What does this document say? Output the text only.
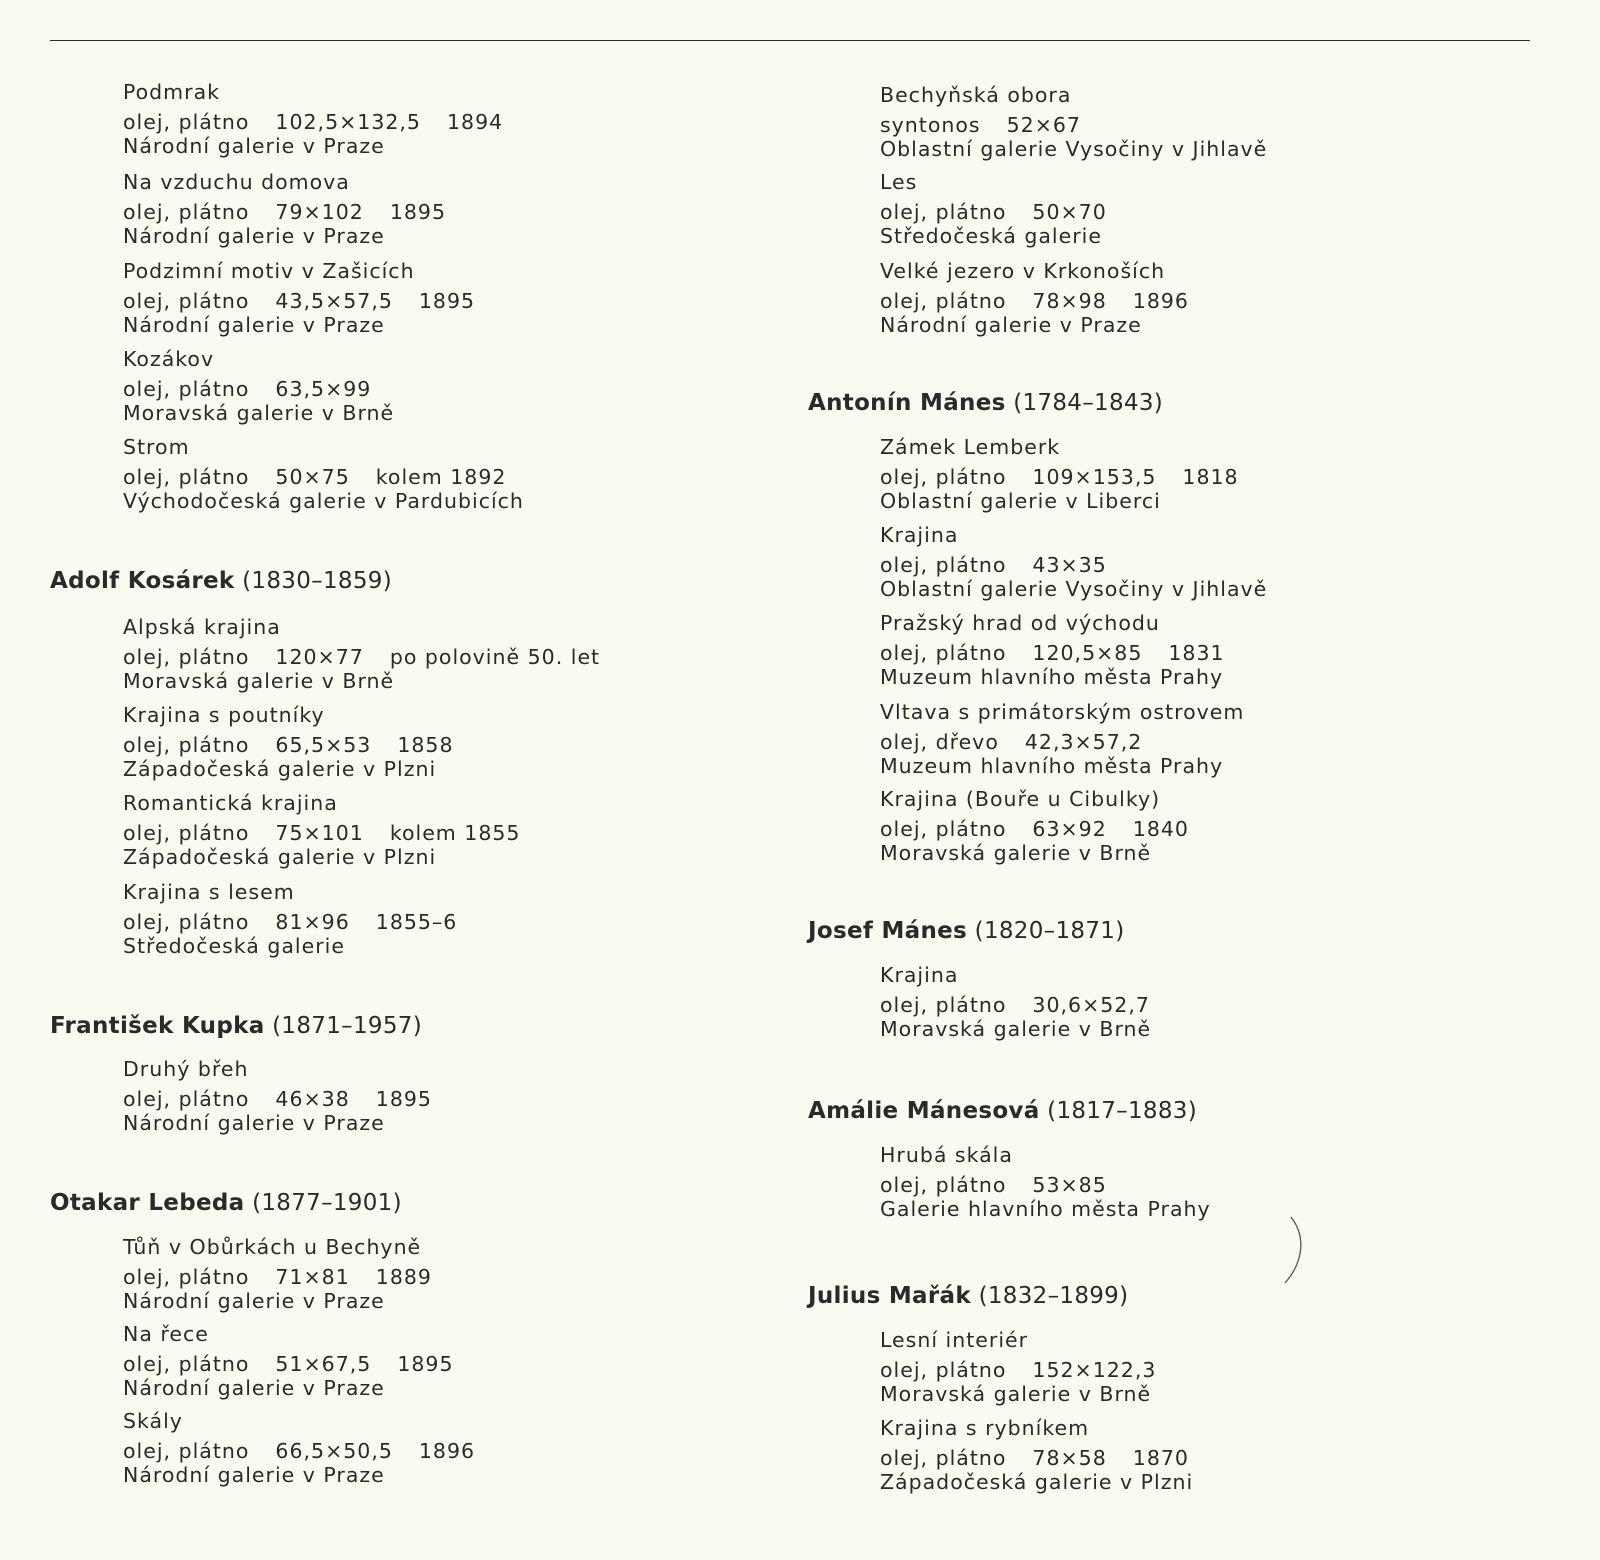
Podmrak
olej, plátno 102,5×132,5 1894
Národní galerie v Praze
Na vzduchu domova
olej, plátno 79×102 1895
Národní galerie v Praze
Podzimní motiv v Zašicích
olej, plátno 43,5×57,5 1895
Národní galerie v Praze
Kozákov
olej, plátno 63,5×99
Moravská galerie v Brně
Strom
olej, plátno 50×75 kolem 1892
Východočeská galerie v Pardubicích
Adolf Kosárek (1830–1859)
Alpská krajina
olej, plátno 120×77 po polovině 50. let
Moravská galerie v Brně
Krajina s poutníky
olej, plátno 65,5×53 1858
Západočeská galerie v Plzni
Romantická krajina
olej, plátno 75×101 kolem 1855
Západočeská galerie v Plzni
Krajina s lesem
olej, plátno 81×96 1855–6
Středočeská galerie
František Kupka (1871–1957)
Druhý břeh
olej, plátno 46×38 1895
Národní galerie v Praze
Otakar Lebeda (1877–1901)
Tůň v Obůrkách u Bechyně
olej, plátno 71×81 1889
Národní galerie v Praze
Na řece
olej, plátno 51×67,5 1895
Národní galerie v Praze
Skály
olej, plátno 66,5×50,5 1896
Národní galerie v Praze
Bechyňská obora
syntonos 52×67
Oblastní galerie Vysočiny v Jihlavě
Les
olej, plátno 50×70
Středočeská galerie
Velké jezero v Krkonoších
olej, plátno 78×98 1896
Národní galerie v Praze
Antonín Mánes (1784–1843)
Zámek Lemberk
olej, plátno 109×153,5 1818
Oblastní galerie v Liberci
Krajina
olej, plátno 43×35
Oblastní galerie Vysočiny v Jihlavě
Pražský hrad od východu
olej, plátno 120,5×85 1831
Muzeum hlavního města Prahy
Vltava s primátorským ostrovem
olej, dřevo 42,3×57,2
Muzeum hlavního města Prahy
Krajina (Bouře u Cibulky)
olej, plátno 63×92 1840
Moravská galerie v Brně
Josef Mánes (1820–1871)
Krajina
olej, plátno 30,6×52,7
Moravská galerie v Brně
Amálie Mánesová (1817–1883)
Hrubá skála
olej, plátno 53×85
Galerie hlavního města Prahy
Julius Mařák (1832–1899)
Lesní interiér
olej, plátno 152×122,3
Moravská galerie v Brně
Krajina s rybníkem
olej, plátno 78×58 1870
Západočeská galerie v Plzni
